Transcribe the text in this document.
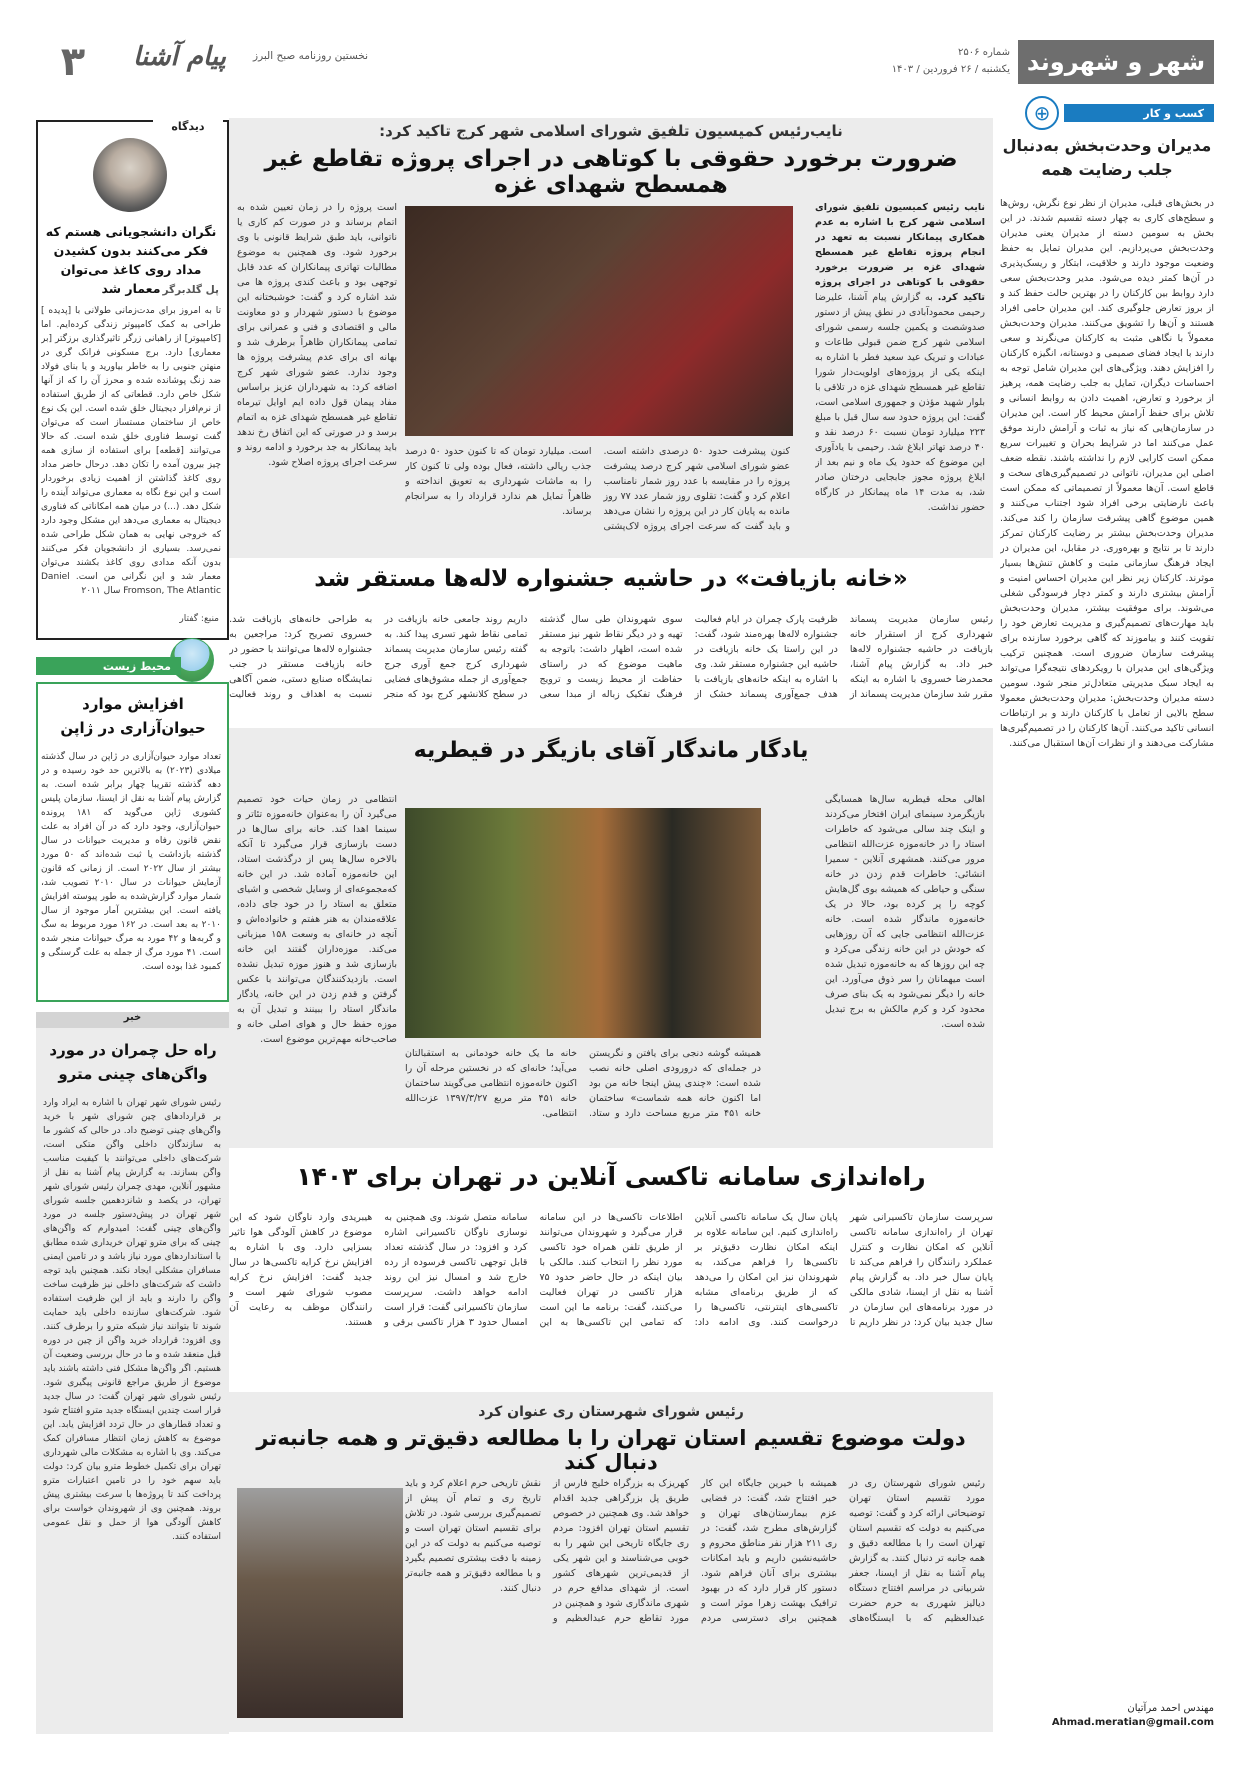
شهر و شهروند
شماره ۲۵۰۶
یکشنبه / ۲۶ فروردین / ۱۴۰۳
نخستین روزنامه صبح البرز
پیام آشنا
۳
⊕	کسب و کار
مدیران وحدت‌بخش به‌دنبال جلب رضایت همه
در بخش‌های قبلی، مدیران از نظر نوع نگرش، روش‌ها و سطح‌های کاری به چهار دسته تقسیم شدند. در این بخش به سومین دسته از مدیران یعنی مدیران وحدت‌بخش می‌پردازیم. این مدیران تمایل به حفظ وضعیت موجود دارند و خلاقیت، ابتکار و ریسک‌پذیری در آن‌ها کمتر دیده می‌شود. مدیر وحدت‌بخش سعی دارد روابط بین کارکنان را در بهترین حالت حفظ کند و از بروز تعارض جلوگیری کند. این مدیران حامی افراد هستند و آن‌ها را تشویق می‌کنند. مدیران وحدت‌بخش معمولاً با نگاهی مثبت به کارکنان می‌نگرند و سعی دارند با ایجاد فضای صمیمی و دوستانه، انگیزه کارکنان را افزایش دهند. ویژگی‌های این مدیران شامل توجه به احساسات دیگران، تمایل به جلب رضایت همه، پرهیز از برخورد و تعارض، اهمیت دادن به روابط انسانی و تلاش برای حفظ آرامش محیط کار است. این مدیران در سازمان‌هایی که نیاز به ثبات و آرامش دارند موفق عمل می‌کنند اما در شرایط بحران و تغییرات سریع ممکن است کارایی لازم را نداشته باشند. نقطه ضعف اصلی این مدیران، ناتوانی در تصمیم‌گیری‌های سخت و قاطع است. آن‌ها معمولاً از تصمیماتی که ممکن است باعث نارضایتی برخی افراد شود اجتناب می‌کنند و همین موضوع گاهی پیشرفت سازمان را کند می‌کند. مدیران وحدت‌بخش بیشتر بر رضایت کارکنان تمرکز دارند تا بر نتایج و بهره‌وری. در مقابل، این مدیران در ایجاد فرهنگ سازمانی مثبت و کاهش تنش‌ها بسیار موثرند. کارکنان زیر نظر این مدیران احساس امنیت و آرامش بیشتری دارند و کمتر دچار فرسودگی شغلی می‌شوند. برای موفقیت بیشتر، مدیران وحدت‌بخش باید مهارت‌های تصمیم‌گیری و مدیریت تعارض خود را تقویت کنند و بیاموزند که گاهی برخورد سازنده برای پیشرفت سازمان ضروری است. همچنین ترکیب ویژگی‌های این مدیران با رویکردهای نتیجه‌گرا می‌تواند به ایجاد سبک مدیریتی متعادل‌تر منجر شود. سومین دسته مدیران وحدت‌بخش: مدیران وحدت‌بخش معمولا سطح بالایی از تعامل با کارکنان دارند و بر ارتباطات انسانی تاکید می‌کنند. آن‌ها کارکنان را در تصمیم‌گیری‌ها مشارکت می‌دهند و از نظرات آن‌ها استقبال می‌کنند.
مهندس احمد مرآتیان
Ahmad.meratian@gmail.com
نایب‌رئیس کمیسیون تلفیق شورای اسلامی شهر کرج تاکید کرد:
ضرورت برخورد حقوقی با کوتاهی در اجرای پروژه تقاطع غیر همسطح شهدای غزه
نایب رئیس کمیسیون تلفیق شورای اسلامی شهر کرج با اشاره به عدم همکاری پیمانکار نسبت به تعهد در انجام پروژه تقاطع غیر همسطح شهدای غزه بر ضرورت برخورد حقوقی با کوتاهی در اجرای پروژه تاکید کرد. به گزارش پیام آشنا، علیرضا رحیمی محمودآبادی در نطق پیش از دستور صدوشصت و یکمین جلسه رسمی شورای اسلامی شهر کرج ضمن قبولی طاعات و عبادات و تبریک عید سعید فطر با اشاره به اینکه یکی از پروژه‌های اولویت‌دار شورا تقاطع غیر همسطح شهدای غزه در تلاقی با بلوار شهید مؤذن و جمهوری اسلامی است، گفت: این پروژه حدود سه سال قبل با مبلغ ۲۲۳ میلیارد تومان نسبت ۶۰ درصد نقد و ۴۰ درصد تهاتر ابلاغ شد. رحیمی با یادآوری این موضوع که حدود یک ماه و نیم بعد از ابلاغ پروژه مجوز جابجایی درختان صادر شد، به مدت ۱۴ ماه پیمانکار در کارگاه حضور نداشت.
کنون پیشرفت حدود ۵۰ درصدی داشته است. عضو شورای اسلامی شهر کرج درصد پیشرفت پروژه را در مقایسه با عدد روز شمار نامناسب اعلام کرد و گفت: تقلوی روز شمار عدد ۷۷ روز مانده به پایان کار در این پروژه را نشان می‌دهد و باید گفت که سرعت اجرای پروژه لاک‌پشتی است. میلیارد تومان که تا کنون حدود ۵۰ درصد جذب ریالی داشته، فعال بوده ولی تا کنون کار را به ماشات شهرداری به تعویق انداخته و ظاهراً تمایل هم ندارد قرارداد را به سرانجام برساند.
است پروژه را در زمان تعیین شده به اتمام برساند و در صورت کم کاری یا ناتوانی، باید طبق شرایط قانونی با وی برخورد شود. وی همچنین به موضوع مطالبات تهاتری پیمانکاران که عدد قابل توجهی بود و باعث کندی پروژه ها می شد اشاره کرد و گفت: خوشبختانه این موضوع با دستور شهردار و دو معاونت مالی و اقتصادی و فنی و عمرانی برای تمامی پیمانکاران ظاهراً برطرف شد و بهانه ای برای عدم پیشرفت پروژه ها وجود ندارد. عضو شورای شهر کرج اضافه کرد: به شهرداران عزیز براساس مفاد پیمان قول داده ایم اوایل تیرماه تقاطع غیر همسطح شهدای غزه به اتمام برسد و در صورتی که این اتفاق رخ ندهد باید پیمانکار به جد برخورد و ادامه روند و سرعت اجرای پروژه اصلاح شود.
«خانه بازیافت» در حاشیه جشنواره لاله‌ها مستقر شد
رئیس سازمان مدیریت پسماند شهرداری کرج از استقرار خانه بازیافت در حاشیه جشنواره لاله‌ها خبر داد. به گزارش پیام آشنا، محمدرضا خسروی با اشاره به اینکه مقرر شد سازمان مدیریت پسماند از ظرفیت پارک چمران در ایام فعالیت جشنواره لاله‌ها بهره‌مند شود، گفت: در این راستا یک خانه بازیافت در حاشیه این جشنواره مستقر شد. وی با اشاره به اینکه خانه‌های بازیافت با هدف جمع‌آوری پسماند خشک از سوی شهروندان طی سال گذشته تهیه و در دیگر نقاط شهر نیز مستقر شده است، اظهار داشت: باتوجه به ماهیت موضوع که در راستای حفاظت از محیط زیست و ترویج فرهنگ تفکیک زباله از مبدا سعی داریم روند جامعی خانه بازیافت در تمامی نقاط شهر تسری پیدا کند. به گفته رئیس سازمان مدیریت پسماند شهرداری کرج جمع آوری جرج جمع‌آوری از جمله مشوق‌های فضایی در سطح کلانشهر کرج بود که منجر به طراحی خانه‌های بازیافت شد. خسروی تصریح کرد: مراجعین به جشنواره لاله‌ها می‌توانند با حضور در خانه بازیافت مستقر در جنب نمایشگاه صنایع دستی، ضمن آگاهی نسبت به اهداف و روند فعالیت
یادگار ماندگار آقای بازیگر در قیطریه
اهالی محله قیطریه سال‌ها همسایگی بازیگرمرد سینمای ایران افتخار می‌کردند و اینک چند سالی می‌شود که خاطرات استاد را در خانه‌موزه عزت‌الله انتظامی مرور می‌کنند. همشهری آنلاین - سمیرا انشائی: خاطرات قدم زدن در خانه سنگی و حیاطی که همیشه بوی گل‌هایش کوچه را پر کرده بود، حالا در یک خانه‌موزه ماندگار شده است. خانه عزت‌الله انتظامی جایی که آن روزهایی که خودش در این خانه زندگی می‌کرد و چه این روزها که به خانه‌موزه تبدیل شده است میهمانان را سر ذوق می‌آورد. این خانه را دیگر نمی‌شود به یک بنای صرف محدود کرد و کرم مالکش به برج تبدیل شده است.
همیشه گوشه دنجی برای یافتن و نگریستن در جمله‌ای که درورودی اصلی خانه نصب شده است: «چندی پیش اینجا خانه من بود اما اکنون خانه همه شماست» ساختمان خانه ۴۵۱ متر مربع مساحت دارد و ستاد. خانه ما یک خانه خودمانی به استقبالتان می‌آید؛ خانه‌ای که در نخستین مرحله آن را اکنون خانه‌موزه انتظامی می‌گویند ساختمان خانه ۴۵۱ متر مربع ۱۳۹۷/۳/۲۷ عزت‌الله انتظامی.
انتظامی در زمان حیات خود تصمیم می‌گیرد آن را به‌عنوان خانه‌موزه تئاتر و سینما اهدا کند. خانه برای سال‌ها در دست بازسازی قرار می‌گیرد تا آنکه بالاخره سال‌ها پس از درگذشت استاد، این خانه‌موزه آماده شد. در این خانه که‌مجموعه‌ای از وسایل شخصی و اشیای متعلق به استاد را در خود جای داده، علاقه‌مندان به هنر هفتم و خانواده‌اش و آنچه در خانه‌ای به وسعت ۱۵۸ میزبانی می‌کند. موزه‌داران گفتند این خانه بازسازی شد و هنوز موزه تبدیل نشده است. بازدیدکنندگان می‌توانند با عکس گرفتن و قدم زدن در این خانه، یادگار ماندگار استاد را ببینند و تبدیل آن به موزه حفظ حال و هوای اصلی خانه و صاحب‌خانه مهم‌ترین موضوع است.
راه‌اندازی سامانه تاکسی آنلاین در تهران برای ۱۴۰۳
سرپرست سازمان تاکسیرانی شهر تهران از راه‌اندازی سامانه تاکسی آنلاین که امکان نظارت و کنترل عملکرد رانندگان را فراهم می‌کند تا پایان سال خبر داد. به گزارش پیام آشنا به نقل از ایسنا، شادی مالکی در مورد برنامه‌های این سازمان در سال جدید بیان کرد: در نظر داریم تا پایان سال یک سامانه تاکسی آنلاین راه‌اندازی کنیم. این سامانه علاوه بر اینکه امکان نظارت دقیق‌تر بر تاکسی‌ها را فراهم می‌کند، به شهروندان نیز این امکان را می‌دهد که از طریق برنامه‌ای مشابه تاکسی‌های اینترنتی، تاکسی‌ها را درخواست کنند. وی ادامه داد: اطلاعات تاکسی‌ها در این سامانه قرار می‌گیرد و شهروندان می‌توانند از طریق تلفن همراه خود تاکسی مورد نظر را انتخاب کنند. مالکی با بیان اینکه در حال حاضر حدود ۷۵ هزار تاکسی در تهران فعالیت می‌کنند، گفت: برنامه ما این است که تمامی این تاکسی‌ها به این سامانه متصل شوند. وی همچنین به نوسازی ناوگان تاکسیرانی اشاره کرد و افزود: در سال گذشته تعداد قابل توجهی تاکسی فرسوده از رده خارج شد و امسال نیز این روند ادامه خواهد داشت. سرپرست سازمان تاکسیرانی گفت: قرار است امسال حدود ۳ هزار تاکسی برقی و هیبریدی وارد ناوگان شود که این موضوع در کاهش آلودگی هوا تاثیر بسزایی دارد. وی با اشاره به افزایش نرخ کرایه تاکسی‌ها در سال جدید گفت: افزایش نرخ کرایه مصوب شورای شهر است و رانندگان موظف به رعایت آن هستند.
رئیس شورای شهرستان ری عنوان کرد
دولت موضوع تقسیم استان تهران را با مطالعه دقیق‌تر و همه جانبه‌تر دنبال کند
رئیس شورای شهرستان ری در مورد تقسیم استان تهران توضیحاتی ارائه کرد و گفت: توصیه می‌کنیم به دولت که تقسیم استان تهران است را با مطالعه دقیق و همه جانبه تر دنبال کنند. به گزارش پیام آشنا به نقل از ایسنا، جعفر شربیانی در مراسم افتتاح دستگاه دیالیز شهرری به حرم حضرت عبدالعظیم که با ایستگاه‌های همیشه با خیرین جایگاه این کار خیر افتتاح شد، گفت: در فضایی عزم بیمارستان‌های تهران و گزارش‌های مطرح شد، گفت: در ری ۲۱۱ هزار نفر مناطق محروم و حاشیه‌نشین داریم و باید امکانات بیشتری برای آنان فراهم شود. دستور کار قرار دارد که در بهبود ترافیک بهشت زهرا موثر است و همچنین برای دسترسی مردم کهریزک به بزرگراه خلیج فارس از طریق پل بزرگراهی جدید اقدام خواهد شد. وی همچنین در خصوص تقسیم استان تهران افزود: مردم ری جایگاه تاریخی این شهر را به خوبی می‌شناسند و این شهر یکی از قدیمی‌ترین شهرهای کشور است. از شهدای مدافع حرم در شهری ماندگاری شود و همچنین در مورد تقاطع حرم عبدالعظیم و نقش تاریخی حرم اعلام کرد و باید تاریخ ری و تمام آن پیش از تصمیم‌گیری بررسی شود. در تلاش برای تقسیم استان تهران است و توصیه می‌کنیم به دولت که در این زمینه با دقت بیشتری تصمیم بگیرد و با مطالعه دقیق‌تر و همه جانبه‌تر دنبال کنند.
دیدگاه
نگران دانشجویانی هستم که فکر می‌کنند بدون کشیدن مداد روی کاغذ می‌توان معمار شد پل گلدبرگر
تا به امروز برای مدت‌زمانی طولانی با [پدیده ] طراحی به کمک کامپیوتر زندگی کرده‌ایم. اما [کامپیوتر] از راهبانی زرگر تاثیرگذاری برزگتر [بر معماری] دارد. برج مسکونی فرانک گری در منهتن جنوبی را به خاطر بیاورید و یا بنای فولاد ضد زنگ پوشانده شده و محرز آن را که از آنها شکل خاص دارد. قطعاتی که از طریق استفاده از نرم‌افزار دیجیتال خلق شده است. این یک نوع خاص از ساختمان مستساز است که می‌توان گفت توسط فناوری خلق شده است. که حالا می‌توانند [قطعه] برای استفاده از سازی همه چیز بیرون آمده را تکان دهد. درحال حاضر مداد روی کاغذ گذاشتن از اهمیت زیادی برخوردار است و این نوع نگاه به معماری می‌تواند آینده را شکل دهد. (...) در میان همه امکاناتی که فناوری دیجیتال به معماری می‌دهد این مشکل وجود دارد که خروجی نهایی به همان شکل طراحی شده نمی‌رسد. بسیاری از دانشجویان فکر می‌کنند بدون آنکه مدادی روی کاغذ بکشند می‌توان معمار شد و این نگرانی من است. Daniel Fromson, The Atlantic سال ۲۰۱۱
منبع: گفتار
محیط زیست
افزایش موارد حیوان‌آزاری در ژاپن
تعداد موارد حیوان‌آزاری در ژاپن در سال گذشته میلادی (۲۰۲۳) به بالاترین حد خود رسیده و در دهه گذشته تقریبا چهار برابر شده است. به گزارش پیام آشنا به نقل از ایسنا، سازمان پلیس کشوری ژاپن می‌گوید که ۱۸۱ پرونده حیوان‌آزاری، وجود دارد که در آن افراد به علت نقض قانون رفاه و مدیریت حیوانات در سال گذشته بازداشت یا ثبت شده‌اند که ۵۰ مورد بیشتر از سال ۲۰۲۲ است. از زمانی که قانون آزمایش حیوانات در سال ۲۰۱۰ تصویب شد، شمار موارد گزارش‌شده به طور پیوسته افزایش یافته است. این بیشترین آمار موجود از سال ۲۰۱۰ به بعد است. در ۱۶۲ مورد مربوط به سگ و گربه‌ها و ۴۲ مورد به مرگ حیوانات منجر شده است. ۴۱ مورد مرگ از جمله به علت گرسنگی و کمبود غذا بوده است.
خبر
راه حل چمران در مورد واگن‌های چینی مترو
رئیس شورای شهر تهران با اشاره به ایراد وارد بر قراردادهای چین شورای شهر با خرید واگن‌های چینی توضیح داد. در حالی که کشور ما به سازندگان داخلی واگن متکی است، شرکت‌های داخلی می‌توانند با کیفیت مناسب واگن بسازند. به گزارش پیام آشنا به نقل از مشهور آنلاین، مهدی چمران رئیس شورای شهر تهران، در یکصد و شانزدهمین جلسه شورای شهر تهران در پیش‌دستور جلسه در مورد واگن‌های چینی گفت: امیدوارم که واگن‌های چینی که برای مترو تهران خریداری شده مطابق با استانداردهای مورد نیاز باشد و در تامین ایمنی مسافران مشکلی ایجاد نکند. همچنین باید توجه داشت که شرکت‌های داخلی نیز ظرفیت ساخت واگن را دارند و باید از این ظرفیت استفاده شود. شرکت‌های سازنده داخلی باید حمایت شوند تا بتوانند نیاز شبکه مترو را برطرف کنند. وی افزود: قرارداد خرید واگن از چین در دوره قبل منعقد شده و ما در حال بررسی وضعیت آن هستیم. اگر واگن‌ها مشکل فنی داشته باشند باید موضوع از طریق مراجع قانونی پیگیری شود. رئیس شورای شهر تهران گفت: در سال جدید قرار است چندین ایستگاه جدید مترو افتتاح شود و تعداد قطارهای در حال تردد افزایش یابد. این موضوع به کاهش زمان انتظار مسافران کمک می‌کند. وی با اشاره به مشکلات مالی شهرداری تهران برای تکمیل خطوط مترو بیان کرد: دولت باید سهم خود را در تامین اعتبارات مترو پرداخت کند تا پروژه‌ها با سرعت بیشتری پیش بروند. همچنین وی از شهروندان خواست برای کاهش آلودگی هوا از حمل و نقل عمومی استفاده کنند.
